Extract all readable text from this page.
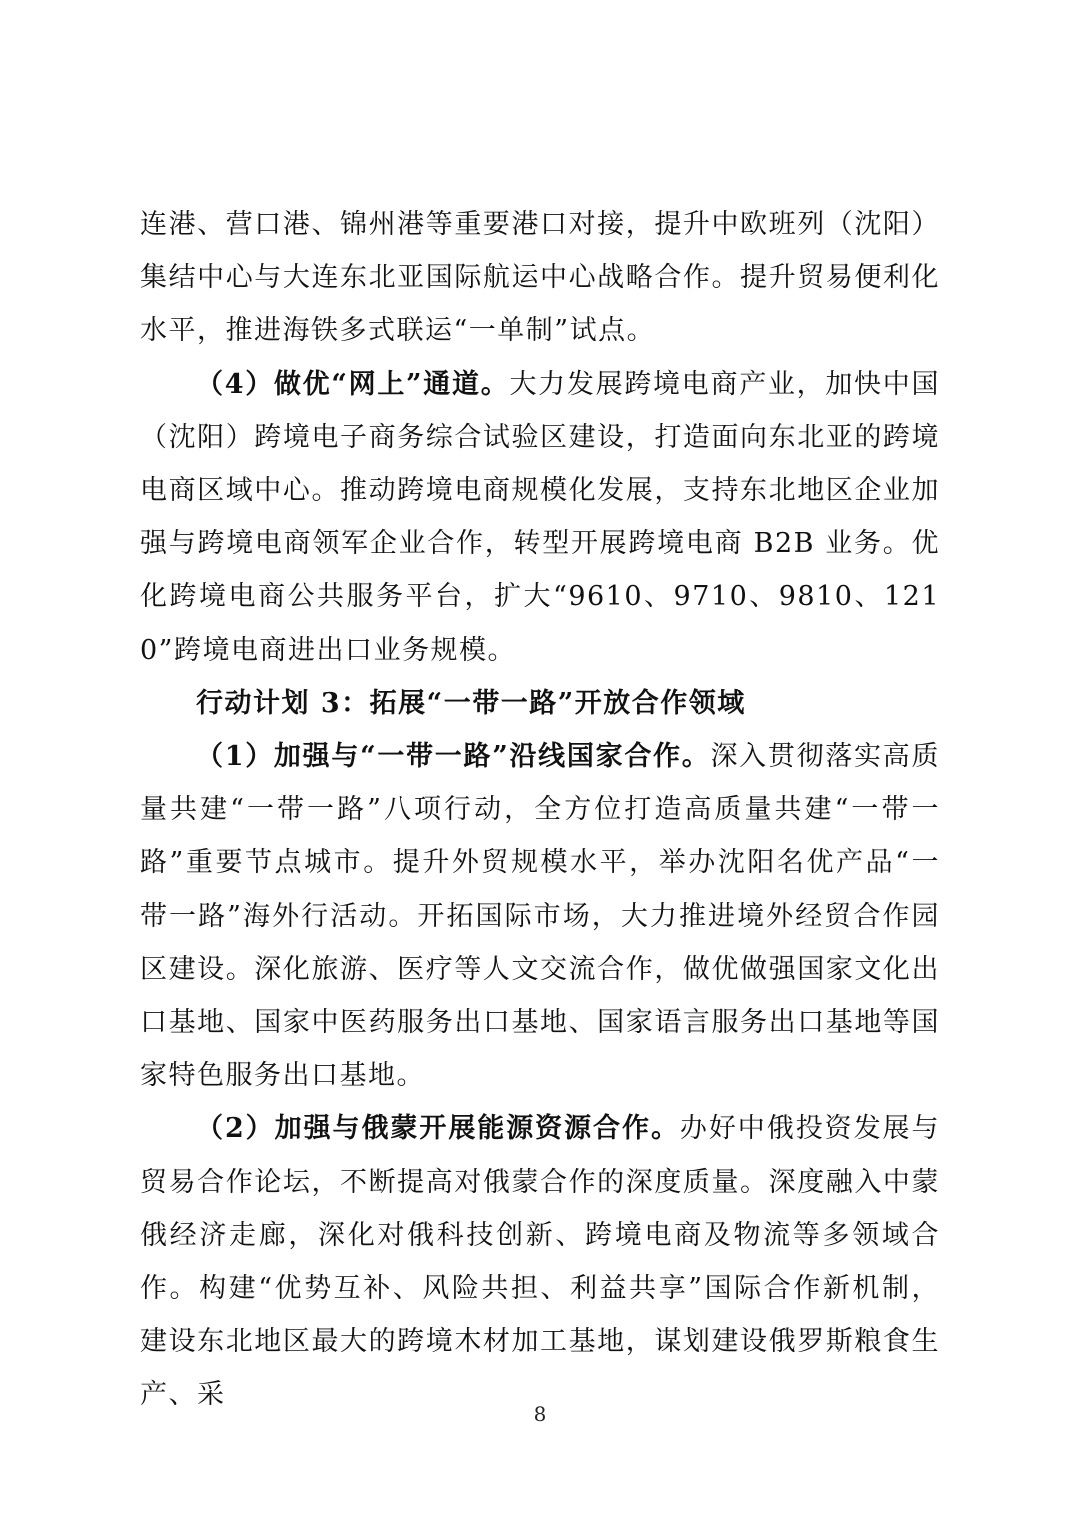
连港、营口港、锦州港等重要港口对接，提升中欧班列（沈阳）集结中心与大连东北亚国际航运中心战略合作。提升贸易便利化水平，推进海铁多式联运“一单制”试点。

（4）做优“网上”通道。大力发展跨境电商产业，加快中国（沈阳）跨境电子商务综合试验区建设，打造面向东北亚的跨境电商区域中心。推动跨境电商规模化发展，支持东北地区企业加强与跨境电商领军企业合作，转型开展跨境电商 B2B 业务。优化跨境电商公共服务平台，扩大“9610、9710、9810、1210”跨境电商进出口业务规模。

行动计划 3：拓展“一带一路”开放合作领域

（1）加强与“一带一路”沿线国家合作。深入贯彻落实高质量共建“一带一路”八项行动，全方位打造高质量共建“一带一路”重要节点城市。提升外贸规模水平，举办沈阳名优产品“一带一路”海外行活动。开拓国际市场，大力推进境外经贸合作园区建设。深化旅游、医疗等人文交流合作，做优做强国家文化出口基地、国家中医药服务出口基地、国家语言服务出口基地等国家特色服务出口基地。

（2）加强与俄蒙开展能源资源合作。办好中俄投资发展与贸易合作论坛，不断提高对俄蒙合作的深度质量。深度融入中蒙俄经济走廊，深化对俄科技创新、跨境电商及物流等多领域合作。构建“优势互补、风险共担、利益共享”国际合作新机制，建设东北地区最大的跨境木材加工基地，谋划建设俄罗斯粮食生产、采

8
